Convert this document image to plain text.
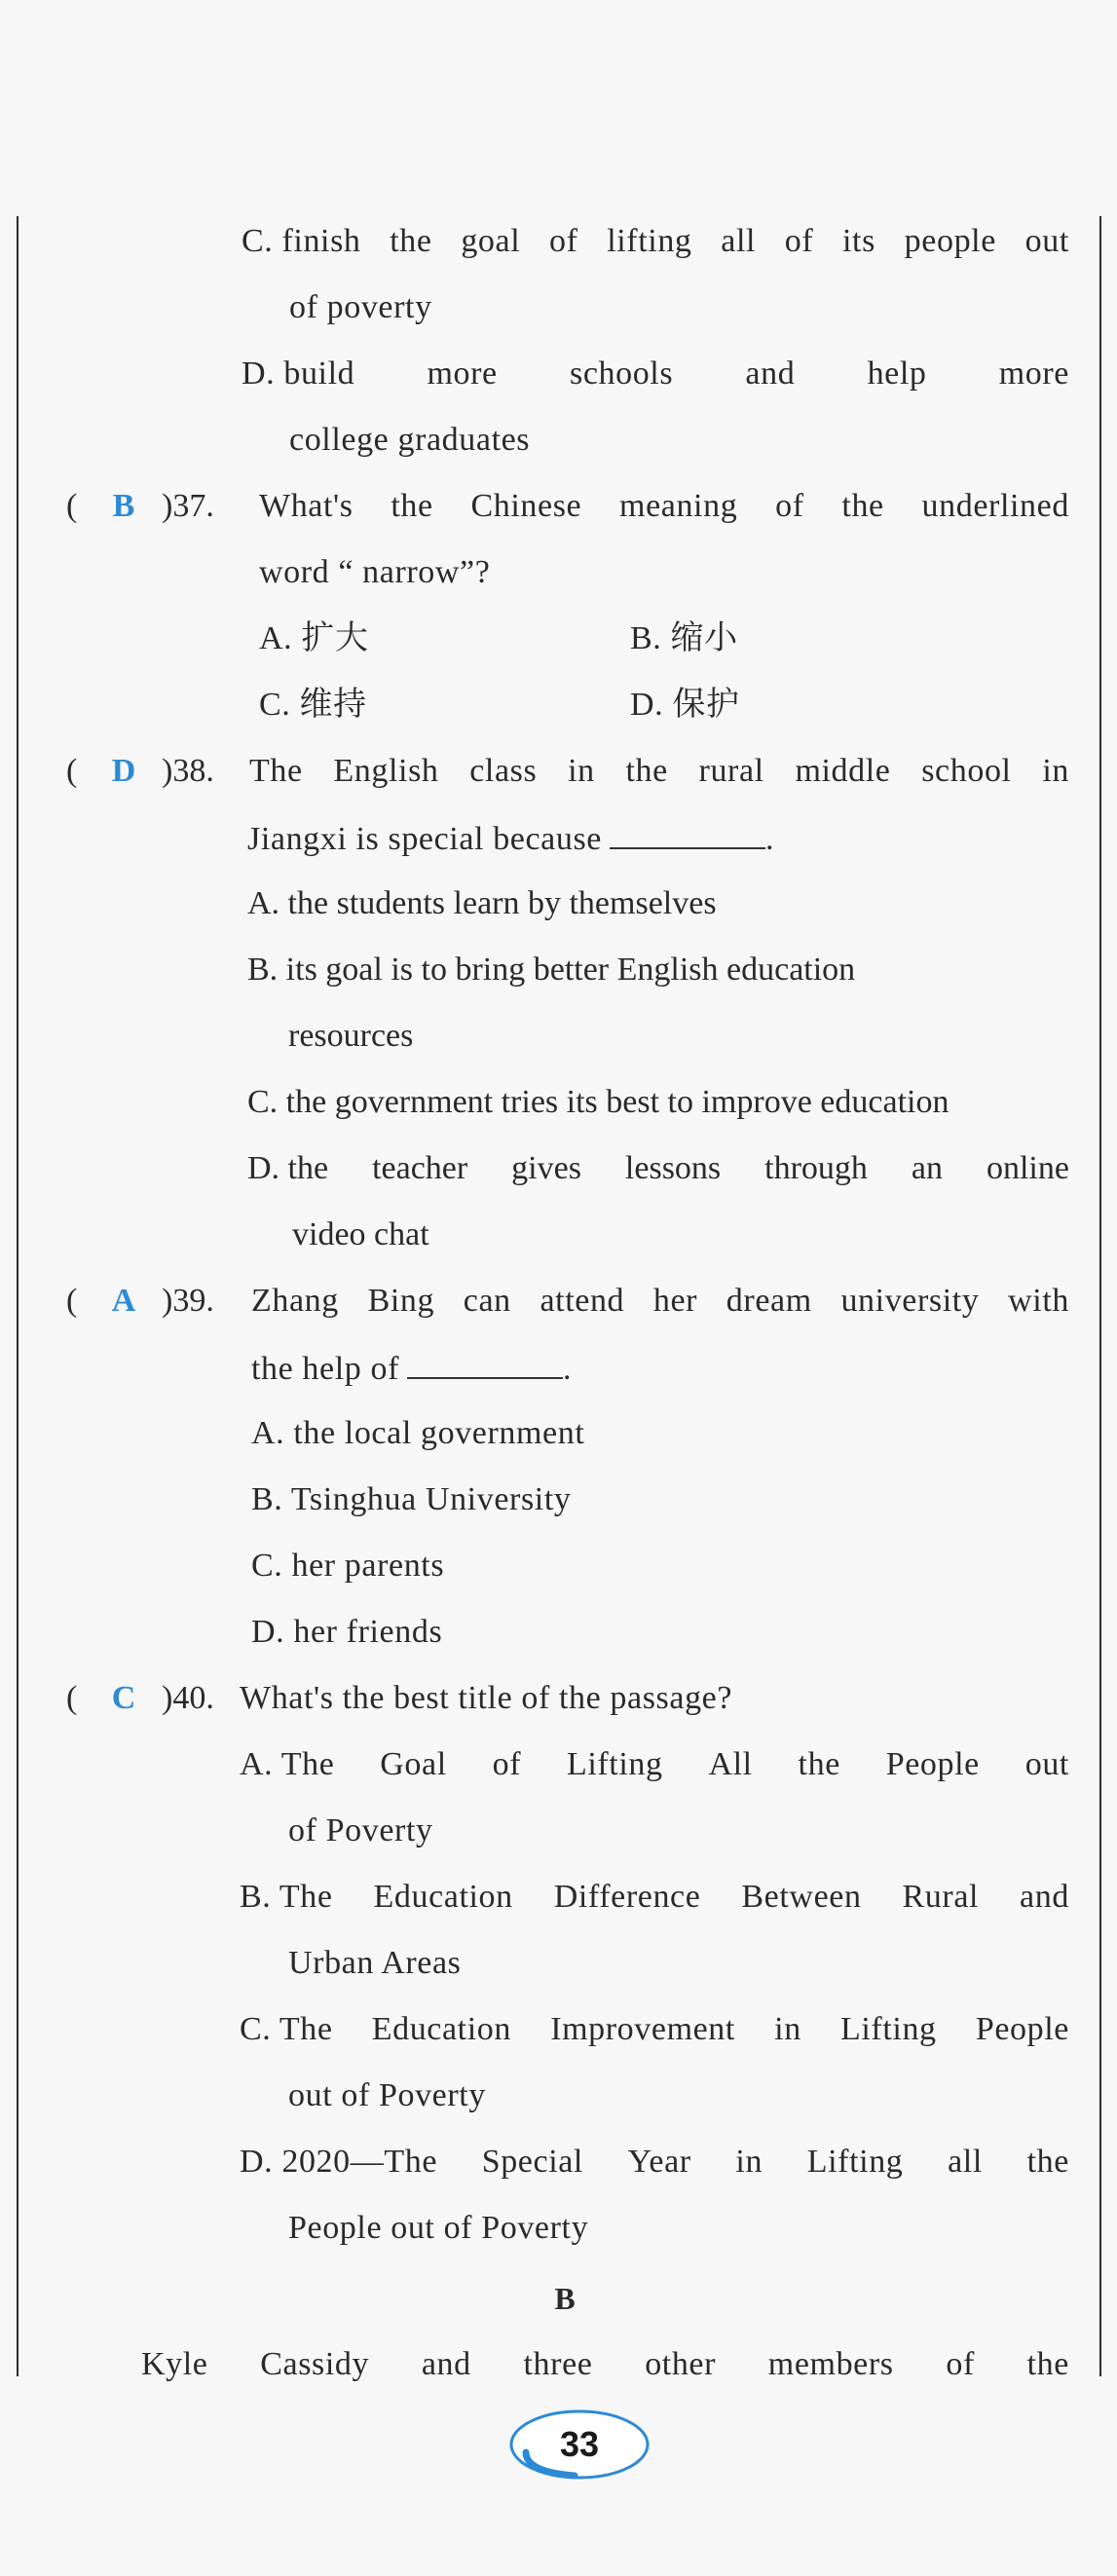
C. finish the goal of lifting all of its people out
of poverty
D. build more schools and help more
college graduates
( B )37. What's the Chinese meaning of the underlined
word “ narrow”?
A. 扩大	B. 缩小
C. 维持	D. 保护
( D )38. The English class in the rural middle school in
Jiangxi is special because	.
A. the students learn by themselves
B. its goal is to bring better English education
resources
C. the government tries its best to improve education
D. the teacher gives lessons through an online
video chat
( A )39. Zhang Bing can attend her dream university with
the help of	.
A. the local government
B. Tsinghua University
C. her parents
D. her friends
( C )40. What's the best title of the passage?
A. The Goal of Lifting All the People out
of Poverty
B. The Education Difference Between Rural and
Urban Areas
C. The Education Improvement in Lifting People
out of Poverty
D. 2020—The Special Year in Lifting all the
People out of Poverty
B
Kyle Cassidy and three other members of the
33
